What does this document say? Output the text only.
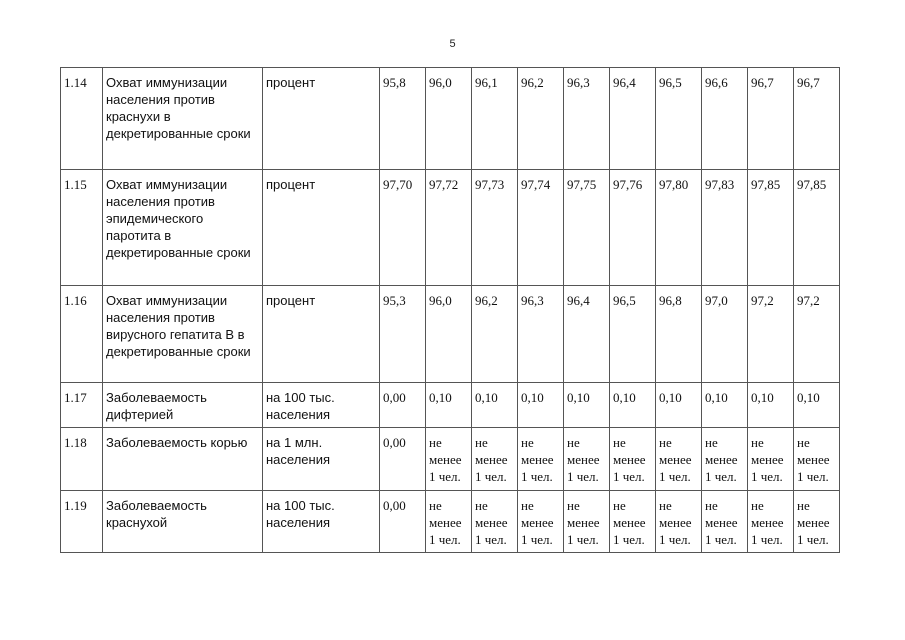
5
1.14	Охват иммунизации населения против краснухи в декретированные сроки	процент	95,8	96,0	96,1	96,2	96,3	96,4	96,5	96,6	96,7	96,7
1.15	Охват иммунизации населения против эпидемического паротита в декретированные сроки	процент	97,70	97,72	97,73	97,74	97,75	97,76	97,80	97,83	97,85	97,85
1.16	Охват иммунизации населения против вирусного гепатита В в декретированные сроки	процент	95,3	96,0	96,2	96,3	96,4	96,5	96,8	97,0	97,2	97,2
1.17	Заболеваемость дифтерией	на 100 тыс. населения	0,00	0,10	0,10	0,10	0,10	0,10	0,10	0,10	0,10	0,10
1.18	Заболеваемость корью	на 1 млн. населения	0,00	не
менее
1 чел.	не
менее
1 чел.	не
менее
1 чел.	не
менее
1 чел.	не
менее
1 чел.	не
менее
1 чел.	не
менее
1 чел.	не
менее
1 чел.	не
менее
1 чел.
1.19	Заболеваемость краснухой	на 100 тыс. населения	0,00	не
менее
1 чел.	не
менее
1 чел.	не
менее
1 чел.	не
менее
1 чел.	не
менее
1 чел.	не
менее
1 чел.	не
менее
1 чел.	не
менее
1 чел.	не
менее
1 чел.
